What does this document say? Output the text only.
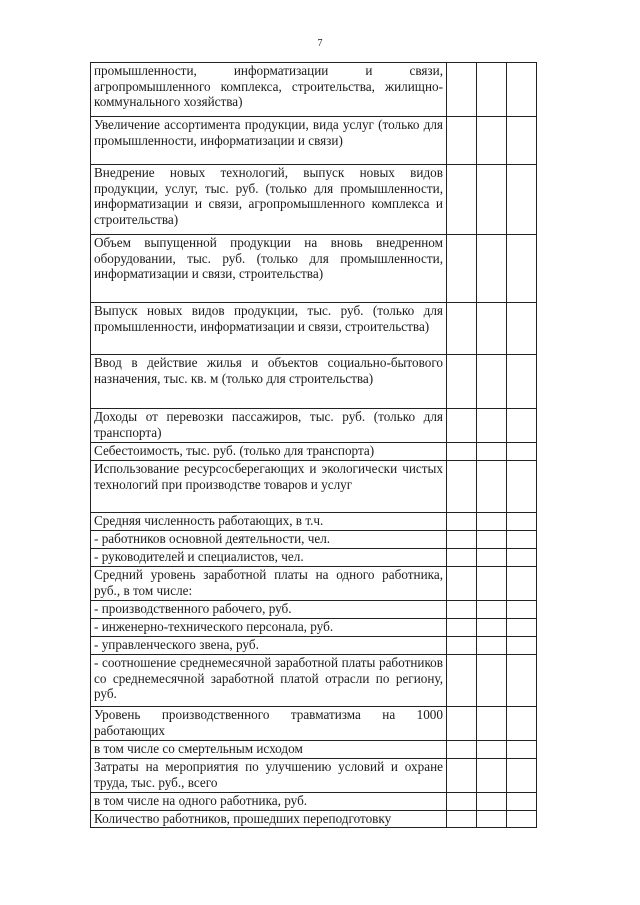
7
промышленности, информатизации и связи, агропромышленного комплекса, строительства, жилищно-коммунального хозяйства)			
Увеличение ассортимента продукции, вида услуг (только для промышленности, информатизации и связи)			
Внедрение новых технологий, выпуск новых видов продукции, услуг, тыс. руб. (только для промышленности, информатизации и связи, агропромышленного комплекса и строительства)			
Объем выпущенной продукции на вновь внедренном оборудовании, тыс. руб. (только для промышленности, информатизации и связи, строительства)			
Выпуск новых видов продукции, тыс. руб. (только для промышленности, информатизации и связи, строительства)			
Ввод в действие жилья и объектов социально-бытового назначения, тыс. кв. м (только для строительства)			
Доходы от перевозки пассажиров, тыс. руб. (только для транспорта)			
Себестоимость, тыс. руб. (только для транспорта)			
Использование ресурсосберегающих и экологически чистых технологий при производстве товаров и услуг			
Средняя численность работающих, в т.ч.			
- работников основной деятельности, чел.			
- руководителей и специалистов, чел.			
Средний уровень заработной платы на одного работника, руб., в том числе:			
- производственного рабочего, руб.			
- инженерно-технического персонала, руб.			
- управленческого звена, руб.			
- соотношение среднемесячной заработной платы работников со среднемесячной заработной платой отрасли по региону, руб.			
Уровень производственного травматизма на 1000 работающих			
в том числе со смертельным исходом			
Затраты на мероприятия по улучшению условий и охране труда, тыс. руб., всего			
в том числе на одного работника, руб.			
Количество работников, прошедших переподготовку			
